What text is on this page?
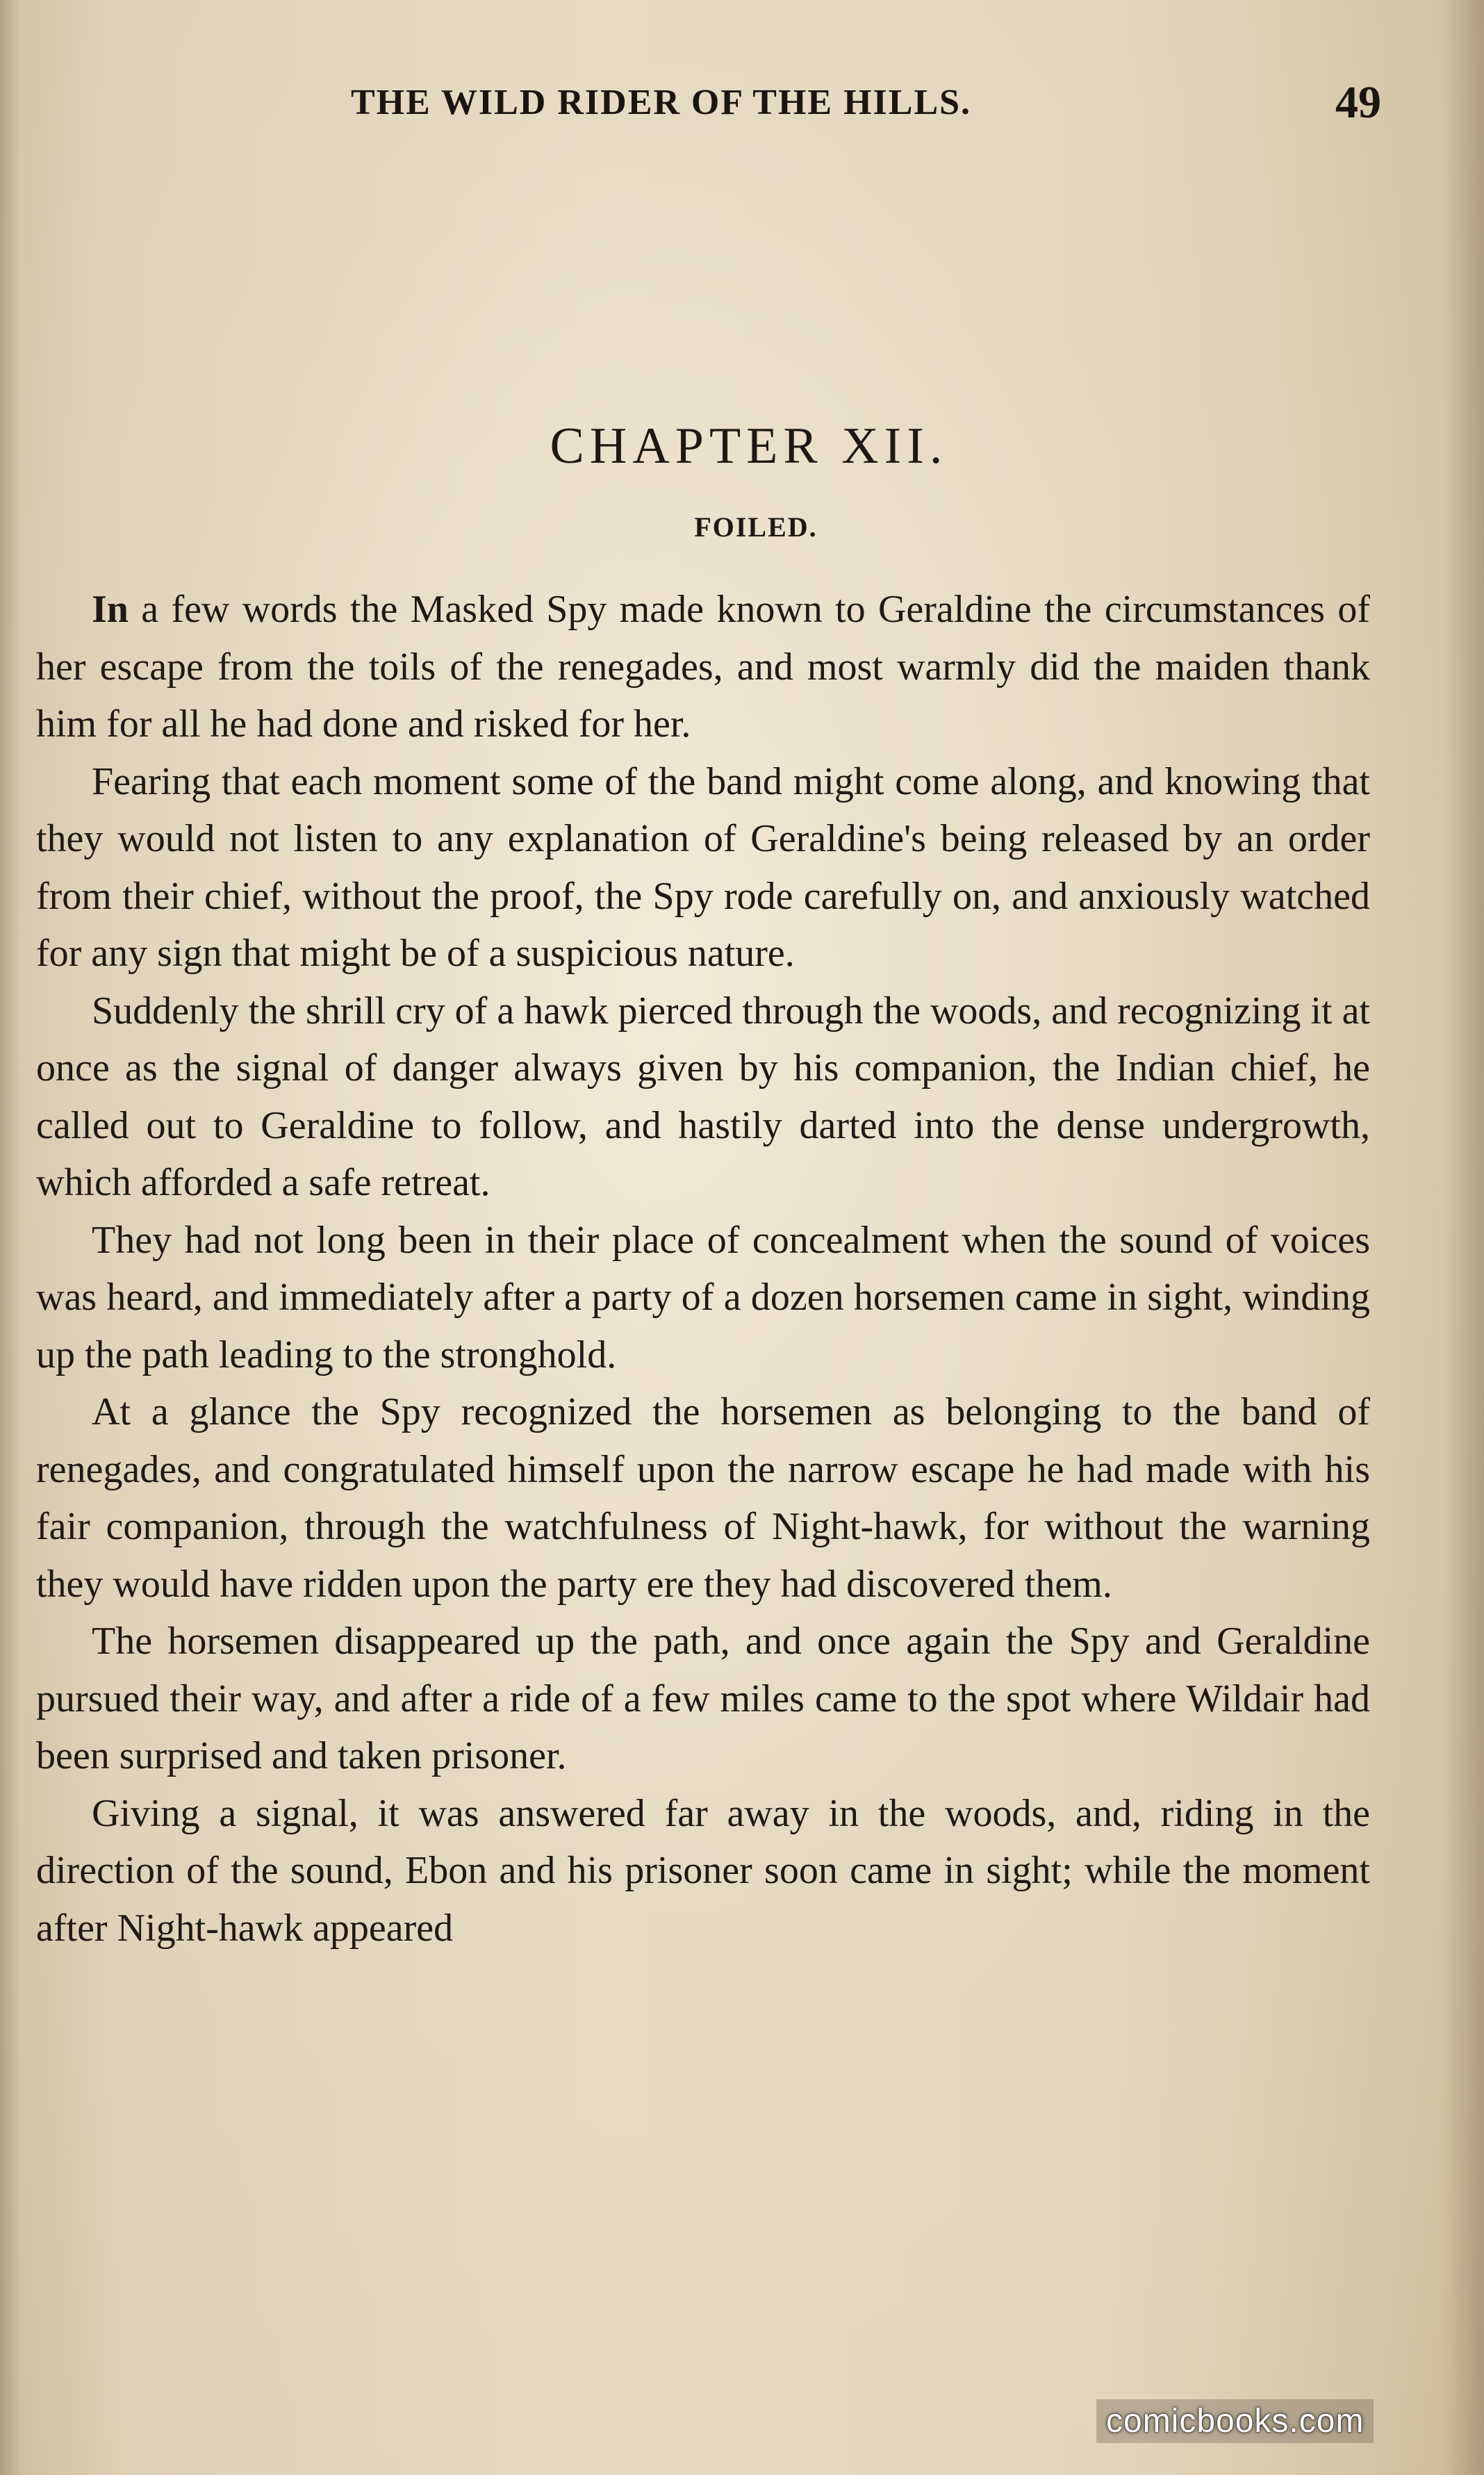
THE WILD RIDER OF THE HILLS.	49
CHAPTER XII.
FOILED.

In a few words the Masked Spy made known to Geraldine the circumstances of her escape from the toils of the renegades, and most warmly did the maiden thank him for all he had done and risked for her.

Fearing that each moment some of the band might come along, and knowing that they would not listen to any explanation of Geraldine's being released by an order from their chief, without the proof, the Spy rode carefully on, and anxiously watched for any sign that might be of a suspicious nature.

Suddenly the shrill cry of a hawk pierced through the woods, and recognizing it at once as the signal of danger always given by his companion, the Indian chief, he called out to Geraldine to follow, and hastily darted into the dense undergrowth, which afforded a safe retreat.

They had not long been in their place of concealment when the sound of voices was heard, and immediately after a party of a dozen horsemen came in sight, winding up the path leading to the stronghold.

At a glance the Spy recognized the horsemen as belonging to the band of renegades, and congratulated himself upon the narrow escape he had made with his fair companion, through the watchfulness of Night-hawk, for without the warning they would have ridden upon the party ere they had discovered them.

The horsemen disappeared up the path, and once again the Spy and Geraldine pursued their way, and after a ride of a few miles came to the spot where Wildair had been surprised and taken prisoner.

Giving a signal, it was answered far away in the woods, and, riding in the direction of the sound, Ebon and his prisoner soon came in sight; while the moment after Night-hawk appeared

comicbooks.com
